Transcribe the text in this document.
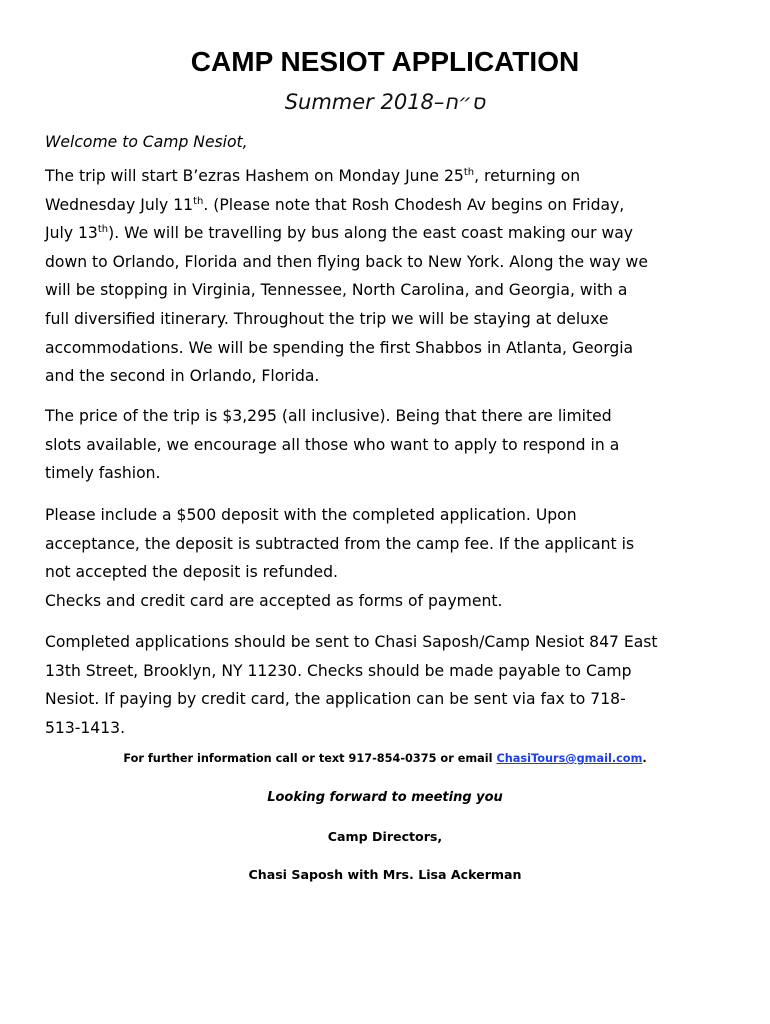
CAMP NESIOT APPLICATION
Summer 2018–ס״ח
Welcome to Camp Nesiot,
The trip will start B’ezras Hashem on Monday June 25th, returning on
Wednesday July 11th. (Please note that Rosh Chodesh Av begins on Friday,
July 13th). We will be travelling by bus along the east coast making our way
down to Orlando, Florida and then flying back to New York. Along the way we
will be stopping in Virginia, Tennessee, North Carolina, and Georgia, with a
full diversified itinerary. Throughout the trip we will be staying at deluxe
accommodations. We will be spending the first Shabbos in Atlanta, Georgia
and the second in Orlando, Florida.
The price of the trip is $3,295 (all inclusive). Being that there are limited
slots available, we encourage all those who want to apply to respond in a
timely fashion.
Please include a $500 deposit with the completed application. Upon
acceptance, the deposit is subtracted from the camp fee. If the applicant is
not accepted the deposit is refunded.
Checks and credit card are accepted as forms of payment.
Completed applications should be sent to Chasi Saposh/Camp Nesiot 847 East
13th Street, Brooklyn, NY 11230. Checks should be made payable to Camp
Nesiot. If paying by credit card, the application can be sent via fax to 718-
513-1413.
For further information call or text 917-854-0375 or email ChasiTours@gmail.com.
Looking forward to meeting you
Camp Directors,
Chasi Saposh with Mrs. Lisa Ackerman
